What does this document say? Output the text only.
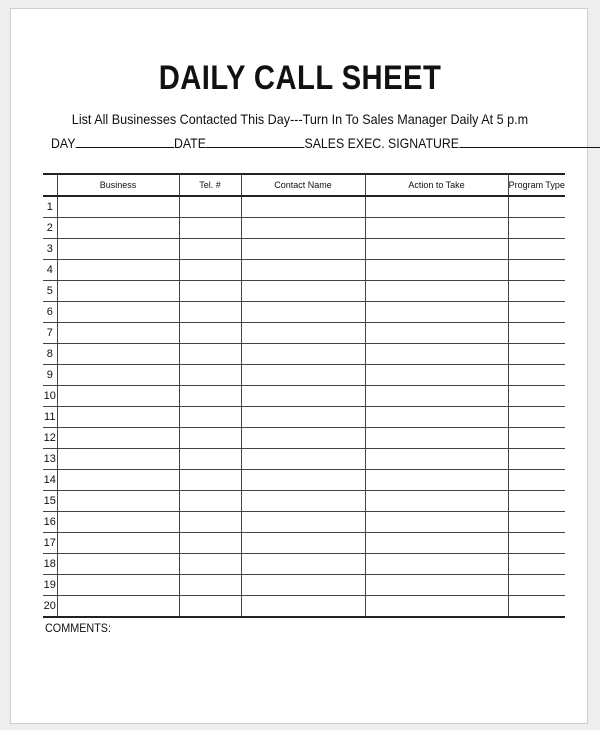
DAILY CALL SHEET
List All Businesses Contacted This Day---Turn In To Sales Manager Daily At 5 p.m
DAY	DATE	SALES EXEC. SIGNATURE
	Business	Tel. #	Contact Name	Action to Take	Program Type
1					
2					
3					
4					
5					
6					
7					
8					
9					
10					
11					
12					
13					
14					
15					
16					
17					
18					
19					
20					
COMMENTS:
